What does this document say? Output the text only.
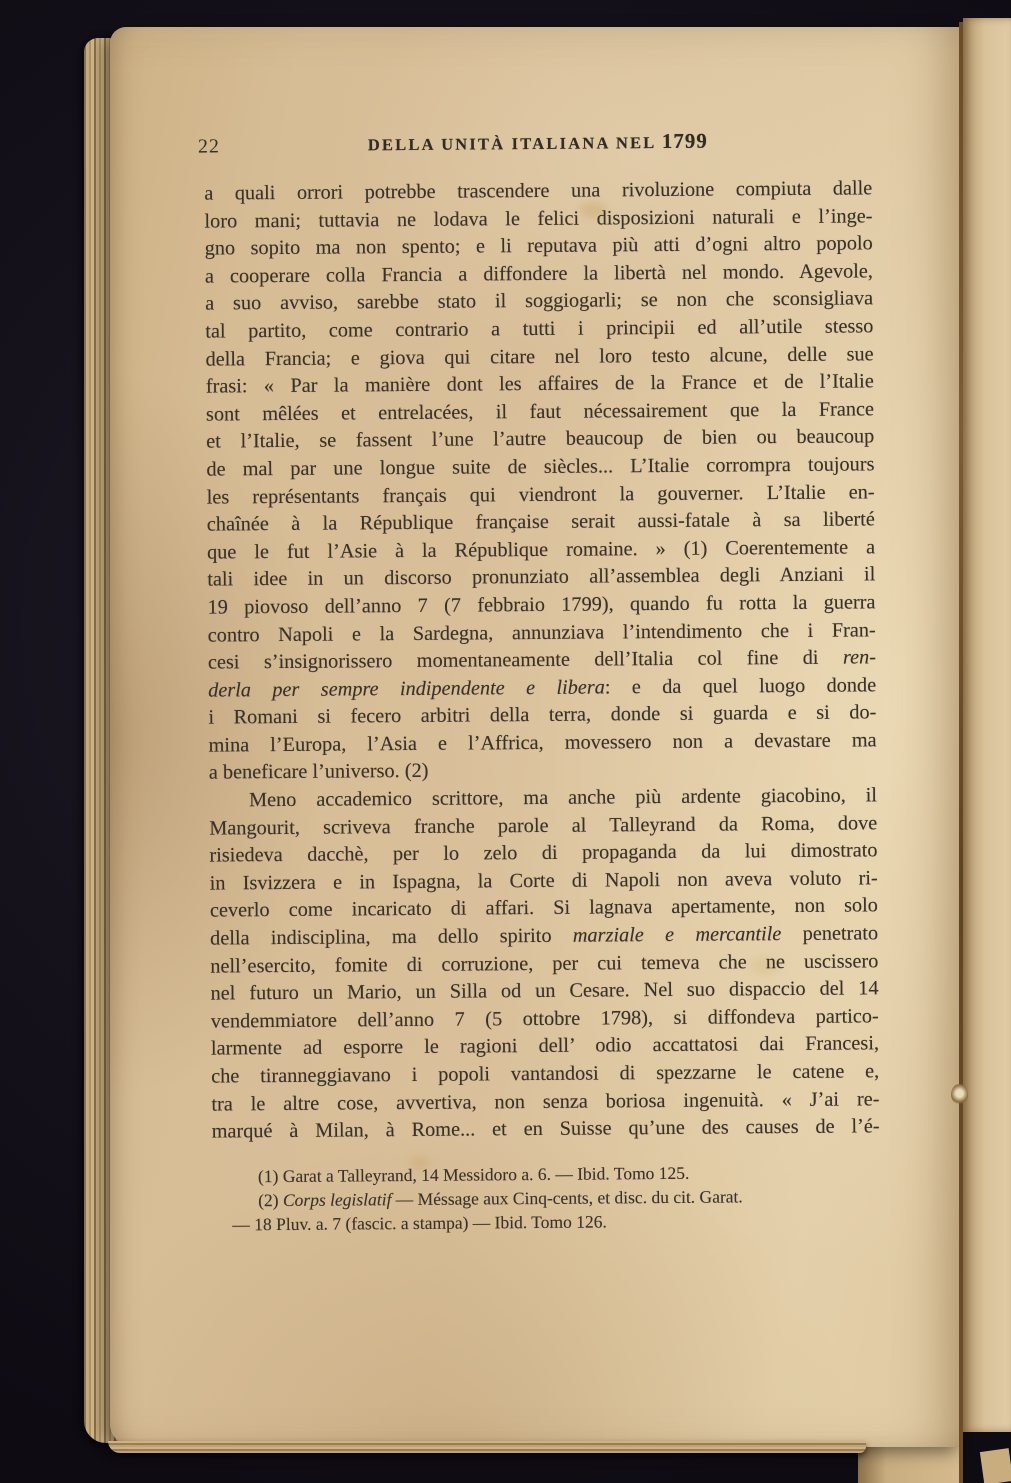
22	DELLA UNITÀ ITALIANA NEL 1799
a quali orrori potrebbe trascendere una rivoluzione compiuta dalle
loro mani; tuttavia ne lodava le felici disposizioni naturali e l’inge-
gno sopito ma non spento; e li reputava più atti d’ogni altro popolo
a cooperare colla Francia a diffondere la libertà nel mondo. Agevole,
a suo avviso, sarebbe stato il soggiogarli; se non che sconsigliava
tal partito, come contrario a tutti i principii ed all’utile stesso
della Francia; e giova qui citare nel loro testo alcune, delle sue
frasi: « Par la manière dont les affaires de la France et de l’Italie
sont mêlées et entrelacées, il faut nécessairement que la France
et l’Italie, se fassent l’une l’autre beaucoup de bien ou beaucoup
de mal par une longue suite de siècles... L’Italie corrompra toujours
les représentants français qui viendront la gouverner. L’Italie en-
chaînée à la République française serait aussi-fatale à sa liberté
que le fut l’Asie à la République romaine. » (1) Coerentemente a
tali idee in un discorso pronunziato all’assemblea degli Anziani il
19 piovoso dell’anno 7 (7 febbraio 1799), quando fu rotta la guerra
contro Napoli e la Sardegna, annunziava l’intendimento che i Fran-
cesi s’insignorissero momentaneamente dell’Italia col fine di ren-
derla per sempre indipendente e libera: e da quel luogo donde
i Romani si fecero arbitri della terra, donde si guarda e si do-
mina l’Europa, l’Asia e l’Affrica, movessero non a devastare ma
a beneficare l’universo. (2)
Meno accademico scrittore, ma anche più ardente giacobino, il
Mangourit, scriveva franche parole al Talleyrand da Roma, dove
risiedeva dacchè, per lo zelo di propaganda da lui dimostrato
in Isvizzera e in Ispagna, la Corte di Napoli non aveva voluto ri-
ceverlo come incaricato di affari. Si lagnava apertamente, non solo
della indisciplina, ma dello spirito marziale e mercantile penetrato
nell’esercito, fomite di corruzione, per cui temeva che ne uscissero
nel futuro un Mario, un Silla od un Cesare. Nel suo dispaccio del 14
vendemmiatore dell’anno 7 (5 ottobre 1798), si diffondeva partico-
larmente ad esporre le ragioni dell’ odio accattatosi dai Francesi,
che tiranneggiavano i popoli vantandosi di spezzarne le catene e,
tra le altre cose, avvertiva, non senza boriosa ingenuità. « J’ai re-
marqué à Milan, à Rome... et en Suisse qu’une des causes de l’é-
(1) Garat a Talleyrand, 14 Messidoro a. 6. — Ibid. Tomo 125.
(2) Corps legislatif — Méssage aux Cinq-cents, et disc. du cit. Garat.
— 18 Pluv. a. 7 (fascic. a stampa) — Ibid. Tomo 126.
